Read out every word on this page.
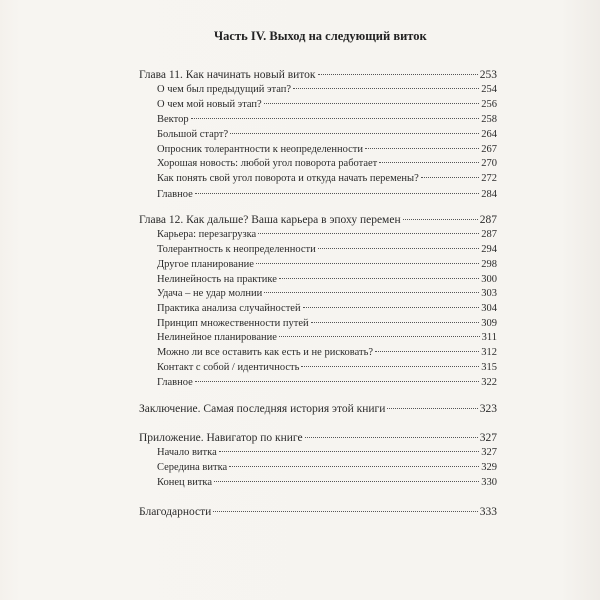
Часть IV. Выход на следующий виток
Глава 11. Как начинать новый виток	253
О чем был предыдущий этап?	254
О чем мой новый этап?	256
Вектор	258
Большой старт?	264
Опросник толерантности к неопределенности	267
Хорошая новость: любой угол поворота работает	270
Как понять свой угол поворота и откуда начать перемены?	272
Главное	284
Глава 12. Как дальше? Ваша карьера в эпоху перемен	287
Карьера: перезагрузка	287
Толерантность к неопределенности	294
Другое планирование	298
Нелинейность на практике	300
Удача – не удар молнии	303
Практика анализа случайностей	304
Принцип множественности путей	309
Нелинейное планирование	311
Можно ли все оставить как есть и не рисковать?	312
Контакт с собой / идентичность	315
Главное	322
Заключение. Самая последняя история этой книги	323
Приложение. Навигатор по книге	327
Начало витка	327
Середина витка	329
Конец витка	330
Благодарности	333
